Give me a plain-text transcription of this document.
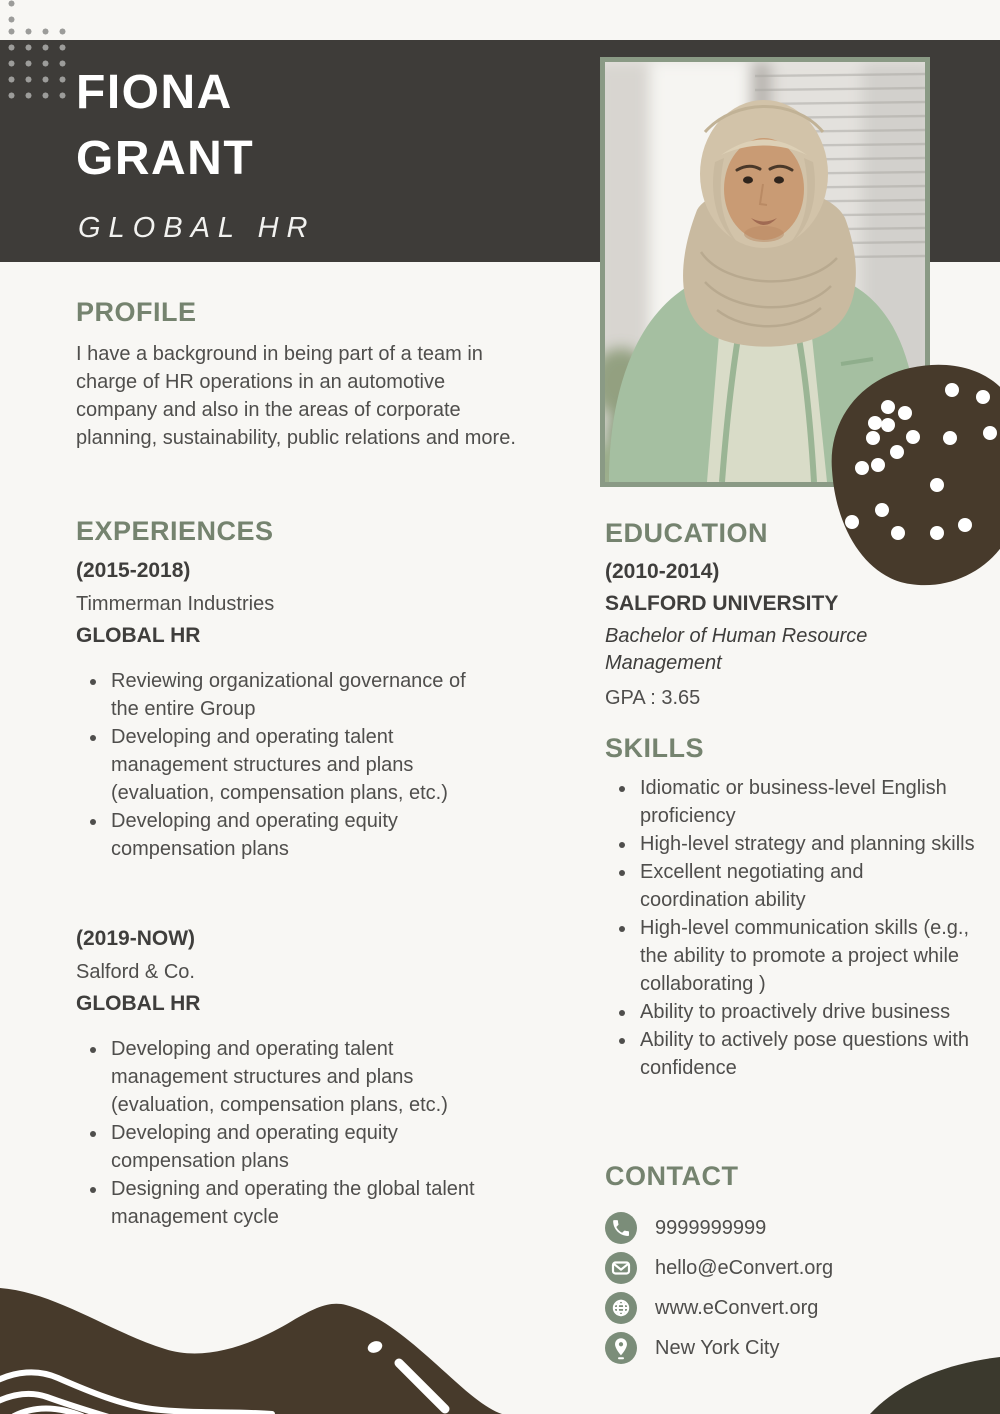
FIONA
GRANT
GLOBAL HR
PROFILE

I have a background in being part of a team in charge of HR operations in an automotive company and also in the areas of corporate planning, sustainability, public relations and more.

EXPERIENCES
(2015-2018)
Timmerman Industries
GLOBAL HR
• Reviewing organizational governance of the entire Group
• Developing and operating talent management structures and plans (evaluation, compensation plans, etc.)
• Developing and operating equity compensation plans
(2019-NOW)
Salford & Co.
GLOBAL HR
• Developing and operating talent management structures and plans (evaluation, compensation plans, etc.)
• Developing and operating equity compensation plans
• Designing and operating the global talent management cycle
EDUCATION
(2010-2014)
SALFORD UNIVERSITY
Bachelor of Human Resource Management
GPA : 3.65
SKILLS
• Idiomatic or business-level English proficiency
• High-level strategy and planning skills
• Excellent negotiating and coordination ability
• High-level communication skills (e.g., the ability to promote a project while collaborating )
• Ability to proactively drive business
• Ability to actively pose questions with confidence
CONTACT
9999999999
hello@eConvert.org
www.eConvert.org
New York City
